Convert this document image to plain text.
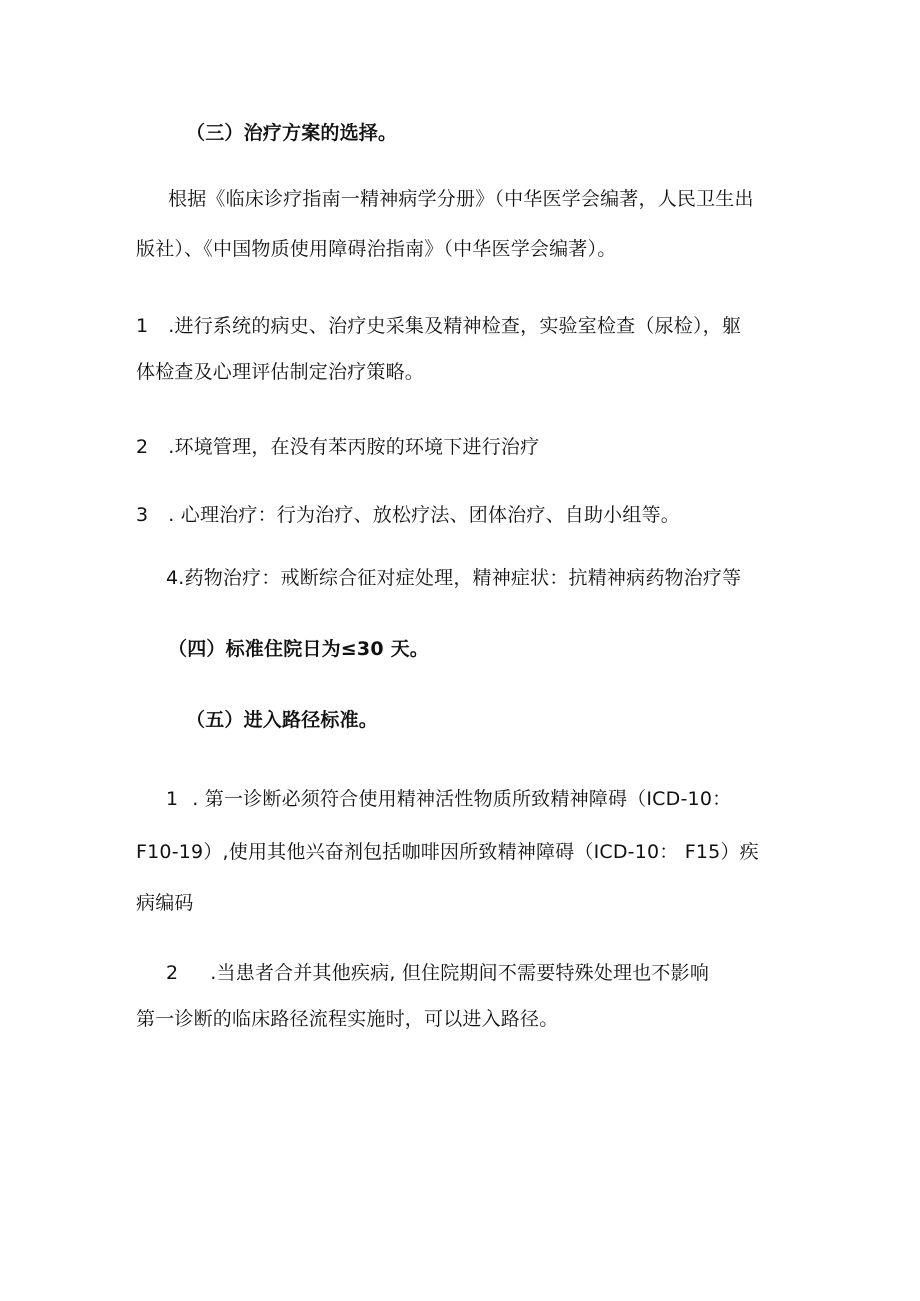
（三）治疗方案的选择。
根据《临床诊疗指南一精神病学分册》（中华医学会编著，人民卫生出
版社）、《中国物质使用障碍治指南》（中华医学会编著）。
1 .进行系统的病史、治疗史采集及精神检查，实验室检查（尿检），躯
体检查及心理评估制定治疗策略。
2 .环境管理，在没有苯丙胺的环境下进行治疗
3 . 心理治疗：行为治疗、放松疗法、团体治疗、自助小组等。
4.药物治疗：戒断综合征对症处理，精神症状：抗精神病药物治疗等
（四）标准住院日为≤30 天。
（五）进入路径标准。
1 . 第一诊断必须符合使用精神活性物质所致精神障碍（ICD-10：
F10-19）,使用其他兴奋剂包括咖啡因所致精神障碍（ICD-10： F15）疾
病编码
2 .当患者合并其他疾病, 但住院期间不需要特殊处理也不影响
第一诊断的临床路径流程实施时，可以进入路径。
